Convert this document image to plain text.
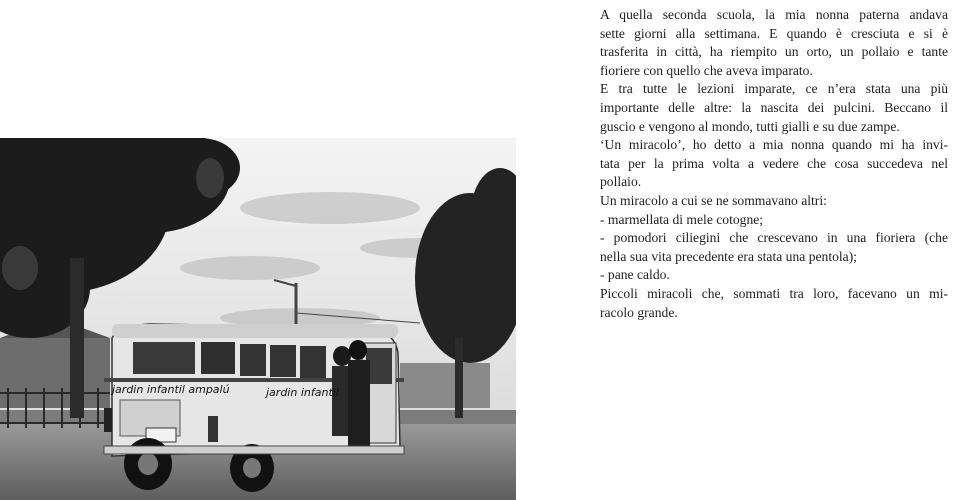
jardin infantil ampalú	jardin infantil

A quella seconda scuola, la mia nonna paterna andava

sette giorni alla settimana. E quando è cresciuta e si è

trasferita in città, ha riempito un orto, un pollaio e tante

fioriere con quello che aveva imparato.

E tra tutte le lezioni imparate, ce n’era stata una più

importante delle altre: la nascita dei pulcini. Beccano il

guscio e vengono al mondo, tutti gialli e su due zampe.

‘Un miracolo’, ho detto a mia nonna quando mi ha invi-

tata per la prima volta a vedere che cosa succedeva nel

pollaio.

Un miracolo a cui se ne sommavano altri:

- marmellata di mele cotogne;

- pomodori ciliegini che crescevano in una fioriera (che

nella sua vita precedente era stata una pentola);

- pane caldo.

Piccoli miracoli che, sommati tra loro, facevano un mi-

racolo grande.
